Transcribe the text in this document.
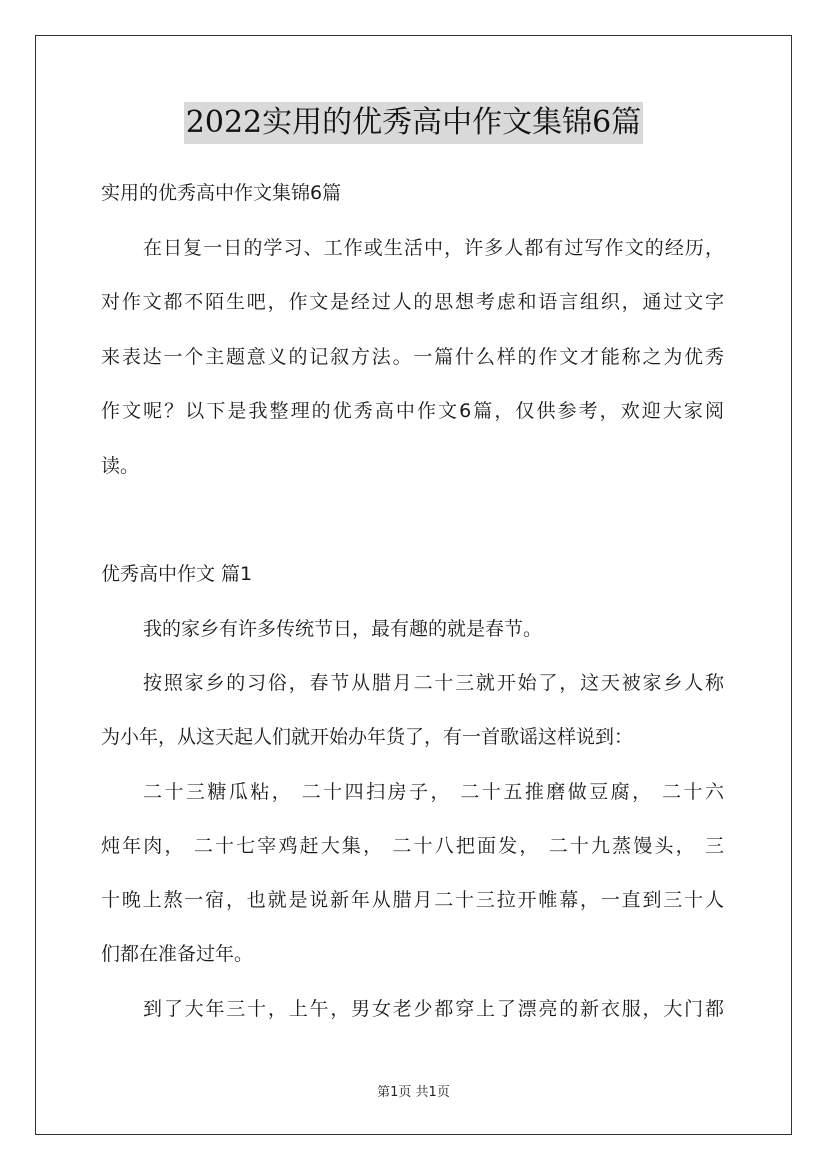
2022实用的优秀高中作文集锦6篇
实用的优秀高中作文集锦6篇
在日复一日的学习、工作或生活中，许多人都有过写作文的经历，
对作文都不陌生吧，作文是经过人的思想考虑和语言组织，通过文字
来表达一个主题意义的记叙方法。一篇什么样的作文才能称之为优秀
作文呢？以下是我整理的优秀高中作文6篇，仅供参考，欢迎大家阅
读。
优秀高中作文 篇1
我的家乡有许多传统节日，最有趣的就是春节。
按照家乡的习俗，春节从腊月二十三就开始了，这天被家乡人称
为小年，从这天起人们就开始办年货了，有一首歌谣这样说到：
二十三糖瓜粘， 二十四扫房子， 二十五推磨做豆腐， 二十六
炖年肉， 二十七宰鸡赶大集， 二十八把面发， 二十九蒸馒头， 三
十晚上熬一宿，也就是说新年从腊月二十三拉开帷幕，一直到三十人
们都在准备过年。
到了大年三十，上午，男女老少都穿上了漂亮的新衣服，大门都
第1页 共1页
